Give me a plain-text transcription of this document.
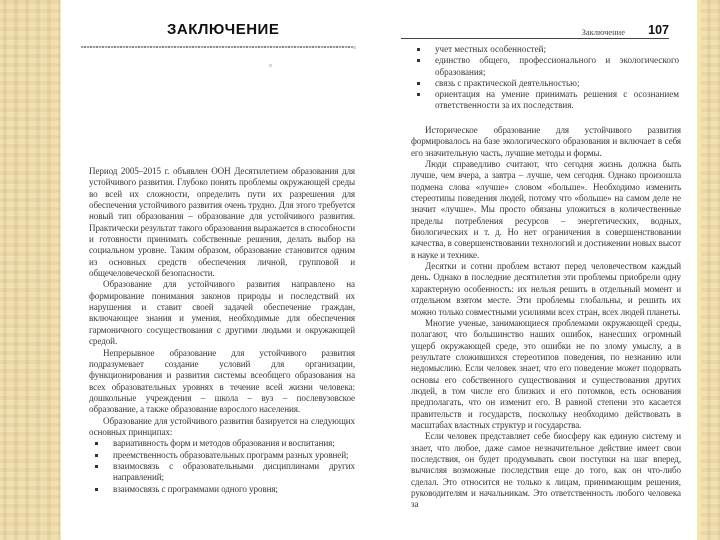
ЗАКЛЮЧЕНИЕ

Период 2005–2015 г. объявлен ООН Десятилетием образования для устойчивого развития. Глубоко понять проблемы окружающей среды во всей их сложности, определить пути их разрешения для обеспечения устойчивого развития очень трудно. Для этого требуется новый тип образования – образование для устойчивого развития. Практически результат такого образования выражается в способности и готовности принимать собственные решения, делать выбор на социальном уровне. Таким образом, образование становится одним из основных средств обеспечения личной, групповой и общечеловеческой безопасности.

Образование для устойчивого развития направлено на формирование понимания законов природы и последствий их нарушения и ставит своей задачей обеспечение граждан, включающее знания и умения, необходимые для обеспечения гармоничного сосуществования с другими людьми и окружающей средой.

Непрерывное образование для устойчивого развития подразумевает создание условий для организации, функционирования и развития системы всеобщего образования на всех образовательных уровнях в течение всей жизни человека: дошкольные учреждения – школа – вуз – послевузовское образование, а также образование взрослого населения.

Образование для устойчивого развития базируется на следующих основных принципах:

вариативность форм и методов образования и воспитания;
преемственность образовательных программ разных уровней;
взаимосвязь с образовательными дисциплинами других направлений;
взаимосвязь с программами одного уровня;
Заключение 107
учет местных особенностей;
единство общего, профессионального и экологического образования;
связь с практической деятельностью;
ориентация на умение принимать решения с осознанием ответственности за их последствия.

Историческое образование для устойчивого развития формировалось на базе экологического образования и включает в себя его значительную часть, лучшие методы и формы.

Люди справедливо считают, что сегодня жизнь должна быть лучше, чем вчера, а завтра – лучше, чем сегодня. Однако произошла подмена слова «лучше» словом «больше». Необходимо изменить стереотипы поведения людей, потому что «больше» на самом деле не значит «лучше». Мы просто обязаны уложиться в количественные пределы потребления ресурсов – энергетических, водных, биологических и т. д. Но нет ограничения в совершенствовании качества, в совершенствовании технологий и достижении новых высот в науке и технике.

Десятки и сотни проблем встают перед человечеством каждый день. Однако в последние десятилетия эти проблемы приобрели одну характерную особенность: их нельзя решить в отдельный момент и отдельном взятом месте. Эти проблемы глобальны, и решить их можно только совместными усилиями всех стран, всех людей планеты.

Многие ученые, занимающиеся проблемами окружающей среды, полагают, что большинство наших ошибок, нанесших огромный ущерб окружающей среде, это ошибки не по злому умыслу, а в результате сложившихся стереотипов поведения, по незнанию или недомыслию. Если человек знает, что его поведение может подорвать основы его собственного существования и существования других людей, в том числе его близких и его потомков, есть основания предполагать, что он изменит его. В равной степени это касается правительств и государств, поскольку необходимо действовать в масштабах властных структур и государства.

Если человек представляет себе биосферу как единую систему и знает, что любое, даже самое незначительное действие имеет свои последствия, он будет продумывать свои поступки на шаг вперед, вычисляя возможные последствия еще до того, как он что-либо сделал. Это относится не только к лицам, принимающим решения, руководителям и начальникам. Это ответственность любого человека за
